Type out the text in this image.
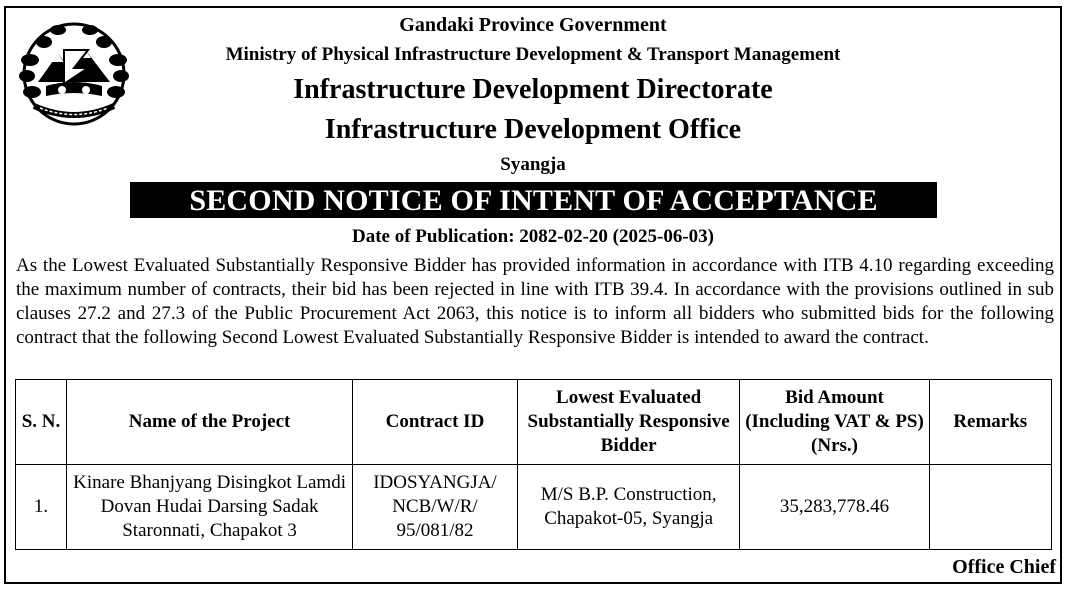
Gandaki Province Government
Ministry of Physical Infrastructure Development & Transport Management
Infrastructure Development Directorate
Infrastructure Development Office
Syangja
SECOND NOTICE OF INTENT OF ACCEPTANCE
Date of Publication: 2082-02-20 (2025-06-03)
As the Lowest Evaluated Substantially Responsive Bidder has provided information in accordance with ITB 4.10 regarding exceeding the maximum number of contracts, their bid has been rejected in line with ITB 39.4. In accordance with the provisions outlined in sub clauses 27.2 and 27.3 of the Public Procurement Act 2063, this notice is to inform all bidders who submitted bids for the following contract that the following Second Lowest Evaluated Substantially Responsive Bidder is intended to award the contract.
S. N.	Name of the Project	Contract ID	Lowest Evaluated Substantially Responsive Bidder	Bid Amount (Including VAT & PS) (Nrs.)	Remarks
1.	Kinare Bhanjyang Disingkot Lamdi Dovan Hudai Darsing Sadak Staronnati, Chapakot 3	IDOSYANGJA/ NCB/W/R/ 95/081/82	M/S B.P. Construction, Chapakot-05, Syangja	35,283,778.46	
Office Chief
